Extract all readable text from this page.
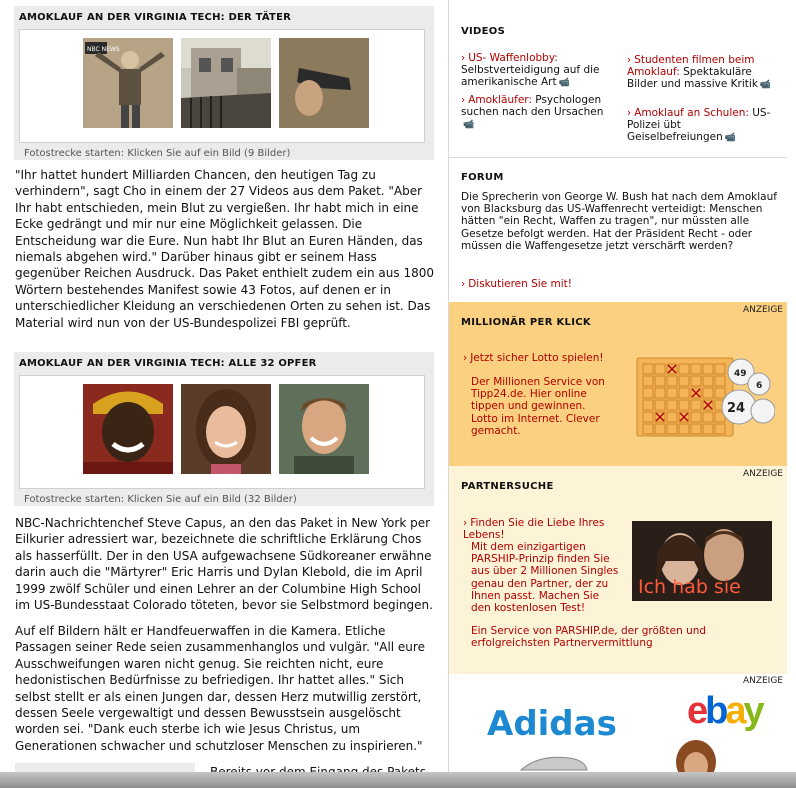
AMOKLAUF AN DER VIRGINIA TECH: DER TÄTER
NBC NEWS
Fotostrecke starten: Klicken Sie auf ein Bild (9 Bilder)
"Ihr hattet hundert Milliarden Chancen, den heutigen Tag zu verhindern", sagt Cho in einem der 27 Videos aus dem Paket. "Aber Ihr habt entschieden, mein Blut zu vergießen. Ihr habt mich in eine Ecke gedrängt und mir nur eine Möglichkeit gelassen. Die Entscheidung war die Eure. Nun habt Ihr Blut an Euren Händen, das niemals abgehen wird." Darüber hinaus gibt er seinem Hass gegenüber Reichen Ausdruck. Das Paket enthielt zudem ein aus 1800 Wörtern bestehendes Manifest sowie 43 Fotos, auf denen er in unterschiedlicher Kleidung an verschiedenen Orten zu sehen ist. Das Material wird nun von der US-Bundespolizei FBI geprüft.
AMOKLAUF AN DER VIRGINIA TECH: ALLE 32 OPFER
Fotostrecke starten: Klicken Sie auf ein Bild (32 Bilder)
NBC-Nachrichtenchef Steve Capus, an den das Paket in New York per Eilkurier adressiert war, bezeichnete die schriftliche Erklärung Chos als hasserfüllt. Der in den USA aufgewachsene Südkoreaner erwähne darin auch die "Märtyrer" Eric Harris und Dylan Klebold, die im April 1999 zwölf Schüler und einen Lehrer an der Columbine High School im US-Bundesstaat Colorado töteten, bevor sie Selbstmord begingen.
Auf elf Bildern hält er Handfeuerwaffen in die Kamera. Etliche Passagen seiner Rede seien zusammenhanglos und vulgär. "All eure Ausschweifungen waren nicht genug. Sie reichten nicht, eure hedonistischen Bedürfnisse zu befriedigen. Ihr hattet alles." Sich selbst stellt er als einen Jungen dar, dessen Herz mutwillig zerstört, dessen Seele vergewaltigt und dessen Bewusstsein ausgelöscht worden sei. "Dank euch sterbe ich wie Jesus Christus, um Generationen schwacher und schutzloser Menschen zu inspirieren."
VIDEOS
› US- Waffenlobby: Selbstverteidigung auf die amerikanische Art 📹
› Amokläufer: Psychologen suchen nach den Ursachen📹
› Studenten filmen beim Amoklauf: Spektakuläre Bilder und massive Kritik 📹
› Amoklauf an Schulen: US-Polizei übt Geiselbefreiungen 📹
FORUM
Die Sprecherin von George W. Bush hat nach dem Amoklauf von Blacksburg das US-Waffenrecht verteidigt: Menschen hätten "ein Recht, Waffen zu tragen", nur müssten alle Gesetze befolgt werden. Hat der Präsident Recht - oder müssen die Waffengesetze jetzt verschärft werden?
› Diskutieren Sie mit!
ANZEIGE
MILLIONÄR PER KLICK
› Jetzt sicher Lotto spielen!
Der Millionen Service von Tipp24.de. Hier online tippen und gewinnen. Lotto im Internet. Clever gemacht.
49
6
24
ANZEIGE
PARTNERSUCHE
› Finden Sie die Liebe Ihres Lebens!
Mit dem einzigartigen PARSHIP-Prinzip finden Sie aus über 2 Millionen Singles genau den Partner, der zu Ihnen passt. Machen Sie den kostenlosen Test!
Ein Service von PARSHIP.de, der größten und erfolgreichsten Partnervermittlung
Ich hab sie
ANZEIGE
Adidas ebay
